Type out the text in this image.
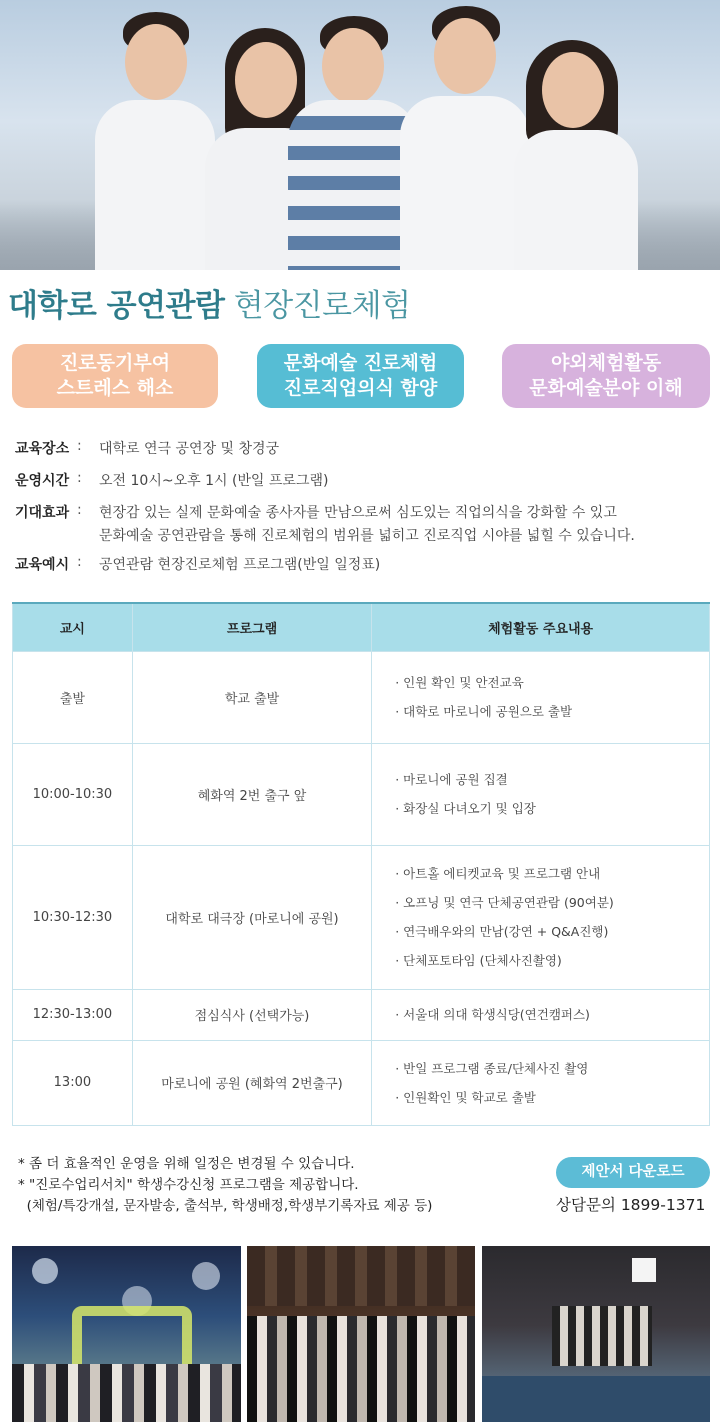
대학로 공연관람 현장진로체험
진로동기부여
스트레스 해소
문화예술 진로체험
진로직업의식 함양
야외체험활동
문화예술분야 이해
교육장소 :	대학로 연극 공연장 및 창경궁
운영시간 :	오전 10시~오후 1시 (반일 프로그램)
기대효과 :	현장감 있는 실제 문화예술 종사자를 만남으로써 심도있는 직업의식을 강화할 수 있고
문화예술 공연관람을 통해 진로체험의 범위를 넓히고 진로직업 시야를 넓힐 수 있습니다.
교육예시 :	공연관람 현장진로체험 프로그램(반일 일정표)
교시	프로그램	체험활동 주요내용
출발	학교 출발	· 인원 확인 및 안전교육
· 대학로 마로니에 공원으로 출발

10:00-10:30	혜화역 2번 출구 앞	· 마로니에 공원 집결
· 화장실 다녀오기 및 입장

10:30-12:30	대학로 대극장 (마로니에 공원)	· 아트홀 에티켓교육 및 프로그램 안내
· 오프닝 및 연극 단체공연관람 (90여분)
· 연극배우와의 만남(강연 + Q&A진행)
· 단체포토타임 (단체사진촬영)

12:30-13:00	점심식사 (선택가능)	· 서울대 의대 학생식당(연건캠퍼스)

13:00	마로니에 공원 (혜화역 2번출구)	· 반일 프로그램 종료/단체사진 촬영
· 인원확인 및 학교로 출발
* 좀 더 효율적인 운영을 위해 일정은 변경될 수 있습니다.
* "진로수업리서치" 학생수강신청 프로그램을 제공합니다.
(체험/특강개설, 문자발송, 출석부, 학생배정,학생부기록자료 제공 등)
제안서 다운로드
상담문의 1899-1371
